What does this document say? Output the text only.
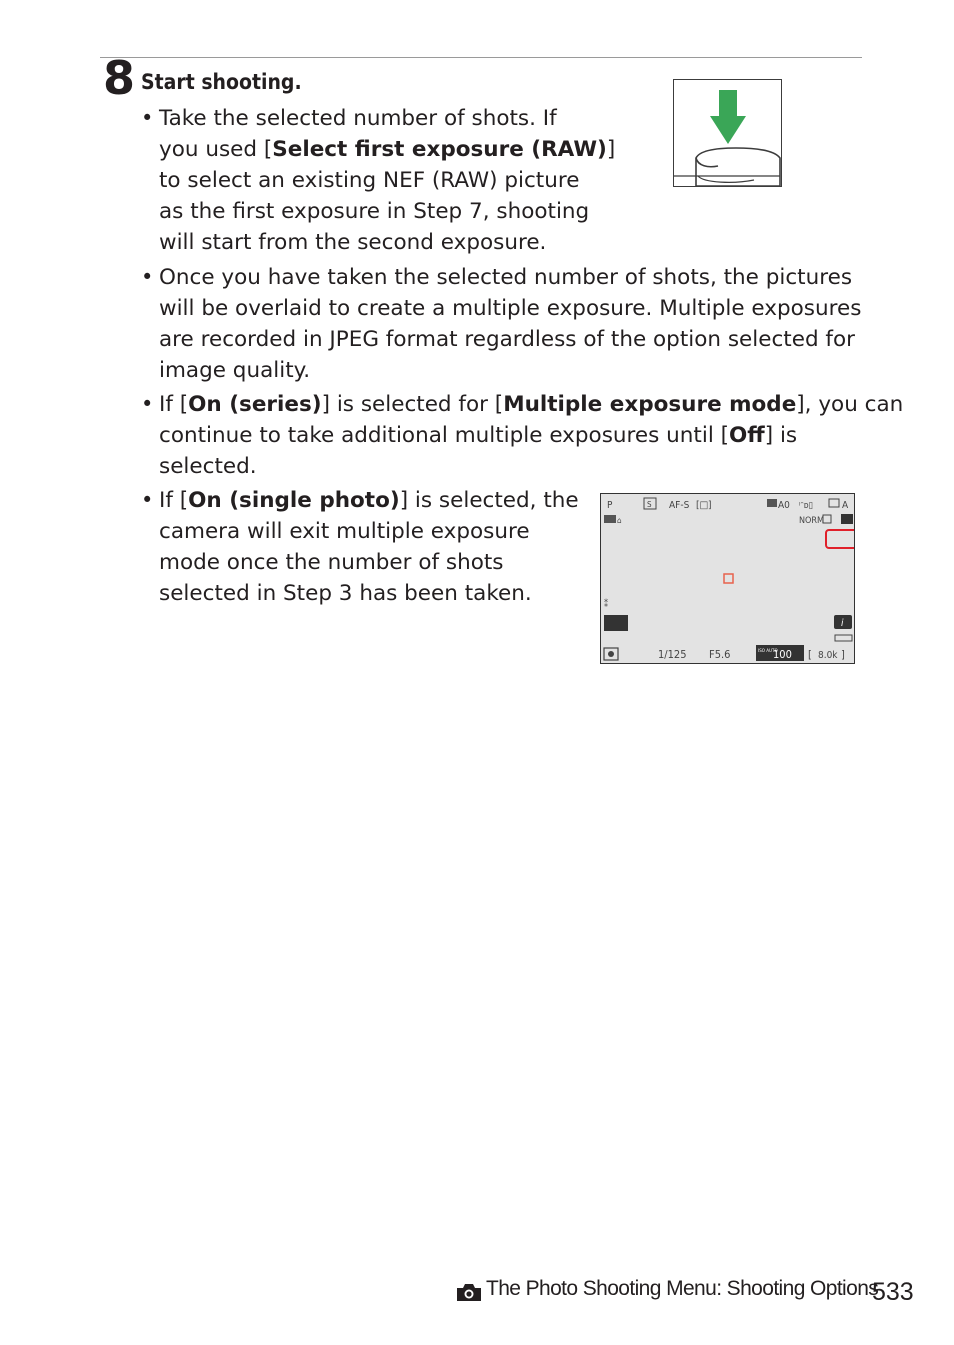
8 Start shooting.
• Take the selected number of shots. If
you used [Select first exposure (RAW)]
to select an existing NEF (RAW) picture
as the first exposure in Step 7, shooting
will start from the second exposure.
• Once you have taken the selected number of shots, the pictures
will be overlaid to create a multiple exposure. Multiple exposures
are recorded in JPEG format regardless of the option selected for
image quality.
• If [On (series)] is selected for [Multiple exposure mode], you can
continue to take additional multiple exposures until [Off] is
selected.
• If [On (single photo)] is selected, the
camera will exit multiple exposure
mode once the number of shots
selected in Step 3 has been taken.
P	S AF-S [□]	A0 ᵎᵔᴅ▯	A
⌂	NORM
⁑
i
1/125 F5.6	ISO AUTO
100 [ 8.0k ]
The Photo Shooting Menu: Shooting Options
533
